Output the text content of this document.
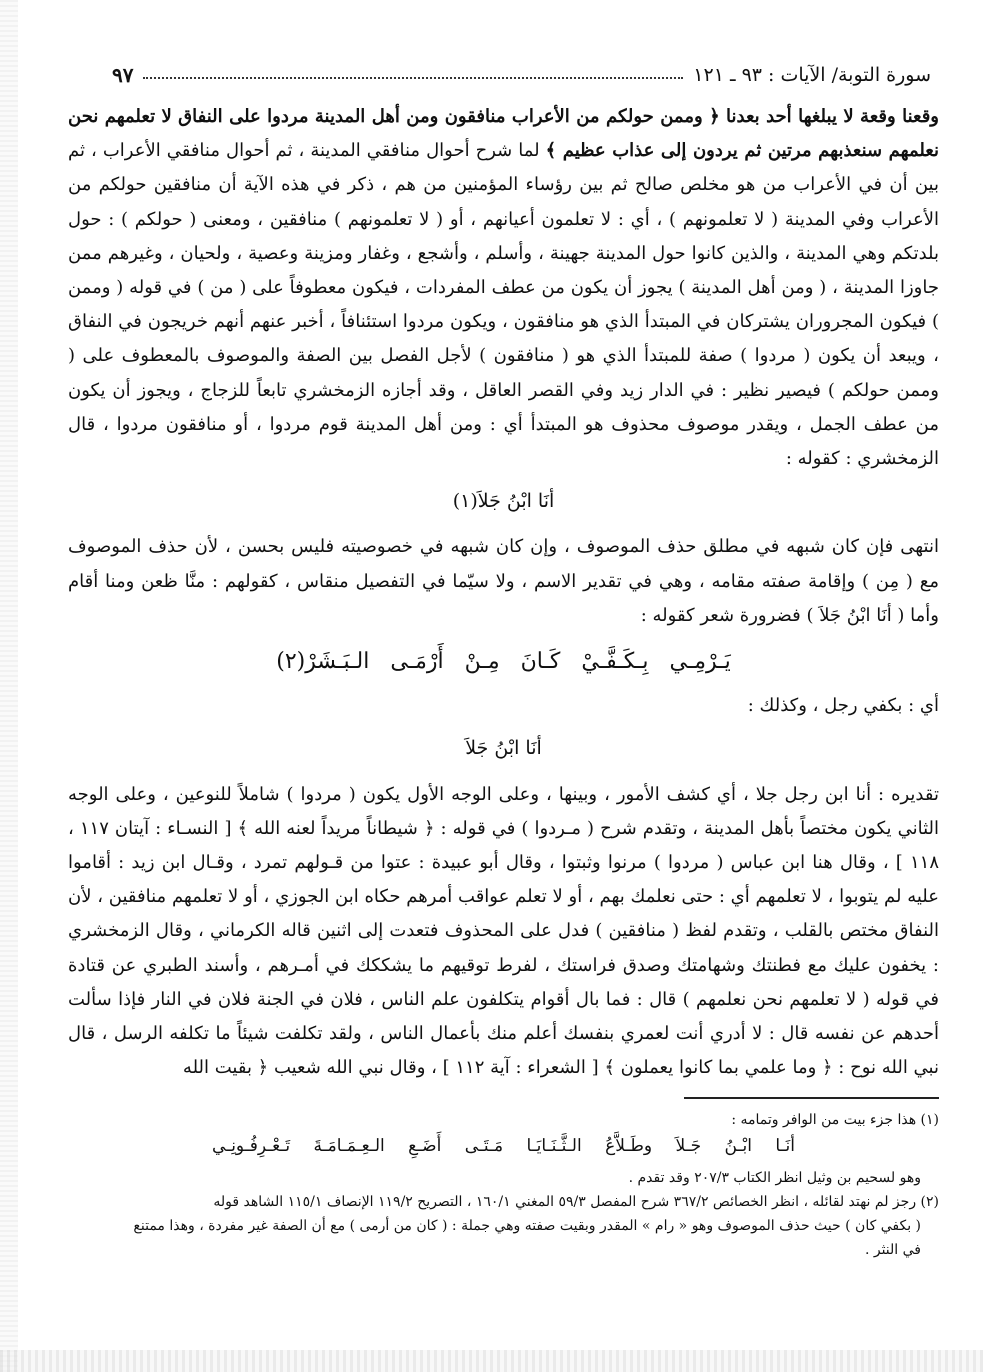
سورة التوبة/ الآيات : ٩٣ ـ ١٢١
٩٧

وقعنا وقعة لا يبلغها أحد بعدنا ﴿ وممن حولكم من الأعراب منافقون ومن أهل المدينة مردوا على النفاق لا تعلمهم نحن نعلمهم سنعذبهم مرتين ثم يردون إلى عذاب عظيم ﴾ لما شرح أحوال منافقي المدينة ، ثم أحوال منافقي الأعراب ، ثم بين أن في الأعراب من هو مخلص صالح ثم بين رؤساء المؤمنين من هم ، ذكر في هذه الآية أن منافقين حولكم من الأعراب وفي المدينة ( لا تعلمونهم ) ، أي : لا تعلمون أعيانهم ، أو ( لا تعلمونهم ) منافقين ، ومعنى ( حولكم ) : حول بلدتكم وهي المدينة ، والذين كانوا حول المدينة جهينة ، وأسلم ، وأشجع ، وغفار ومزينة وعصية ، ولحيان ، وغيرهم ممن جاوزا المدينة ، ( ومن أهل المدينة ) يجوز أن يكون من عطف المفردات ، فيكون معطوفاً على ( من ) في قوله ( وممن ) فيكون المجروران يشتركان في المبتدأ الذي هو منافقون ، ويكون مردوا استئنافاً ، أخبر عنهم أنهم خريجون في النفاق ، ويبعد أن يكون ( مردوا ) صفة للمبتدأ الذي هو ( منافقون ) لأجل الفصل بين الصفة والموصوف بالمعطوف على ( وممن حولكم ) فيصير نظير : في الدار زيد وفي القصر العاقل ، وقد أجازه الزمخشري تابعاً للزجاج ، ويجوز أن يكون من عطف الجمل ، ويقدر موصوف محذوف هو المبتدأ أي : ومن أهل المدينة قوم مردوا ، أو منافقون مردوا ، قال الزمخشري : كقوله :

أنَا ابْنُ جَلاَ(١)

انتهى فإن كان شبهه في مطلق حذف الموصوف ، وإن كان شبهه في خصوصيته فليس بحسن ، لأن حذف الموصوف مع ( مِن ) وإقامة صفته مقامه ، وهي في تقدير الاسم ، ولا سيّما في التفصيل منقاس ، كقولهم : منَّا ظعن ومنا أقام وأما ( أنَا ابْنُ جَلاَ ) فضرورة شعر كقوله :

يَـرْمِـي بِـكَـفَّـيْ كَـانَ مِـنْ أَرْمَـى الـبَـشَرْ(٢)

أي : بكفي رجل ، وكذلك :

أنَا ابْنُ جَلاَ

تقديره : أنا ابن رجل جلا ، أي كشف الأمور ، وبينها ، وعلى الوجه الأول يكون ( مردوا ) شاملاً للنوعين ، وعلى الوجه الثاني يكون مختصاً بأهل المدينة ، وتقدم شرح ( مـردوا ) في قوله : ﴿ شيطاناً مريداً لعنه الله ﴾ [ النسـاء : آيتان ١١٧ ، ١١٨ ] ، وقال هنا ابن عباس ( مردوا ) مرنوا وثبتوا ، وقال أبو عبيدة : عتوا من قـولهم تمرد ، وقـال ابن زيد : أقاموا عليه لم يتوبوا ، لا تعلمهم أي : حتى نعلمك بهم ، أو لا تعلم عواقب أمرهم حكاه ابن الجوزي ، أو لا تعلمهم منافقين ، لأن النفاق مختص بالقلب ، وتقدم لفظ ( منافقين ) فدل على المحذوف فتعدت إلى اثنين قاله الكرماني ، وقال الزمخشري : يخفون عليك مع فطنتك وشهامتك وصدق فراستك ، لفرط توقيهم ما يشككك في أمـرهم ، وأسند الطبري عن قتادة في قوله ( لا تعلمهم نحن نعلمهم ) قال : فما بال أقوام يتكلفون علم الناس ، فلان في الجنة فلان في النار فإذا سألت أحدهم عن نفسه قال : لا أدري أنت لعمري بنفسك أعلم منك بأعمال الناس ، ولقد تكلفت شيئاً ما تكلفه الرسل ، قال نبي الله نوح : ﴿ وما علمي بما كانوا يعملون ﴾ [ الشعراء : آية ١١٢ ] ، وقال نبي الله شعيب ﴿ بقيت الله

(١) هذا جزء بيت من الوافر وتمامه :

أنَـا ابْـنُ جَـلاَ وطَـلاَّعُ الـثَّـنَـايَـا مَـتَـى أَضَـعِ الـعِـمَـامَـةَ تَـعْـرِفُـونِـي

وهو لسحيم بن وثيل انظر الكتاب ٢٠٧/٣ وقد تقدم .

(٢) رجز لم نهتد لقائله ، انظر الخصائص ٣٦٧/٢ شرح المفصل ٥٩/٣ المغني ١٦٠/١ ، التصريح ١١٩/٢ الإنصاف ١١٥/١ الشاهد قوله

( بكفي كان ) حيث حذف الموصوف وهو « رام » المقدر وبقيت صفته وهي جملة : ( كان من أرمى ) مع أن الصفة غير مفردة ، وهذا ممتنع

في النثر .
